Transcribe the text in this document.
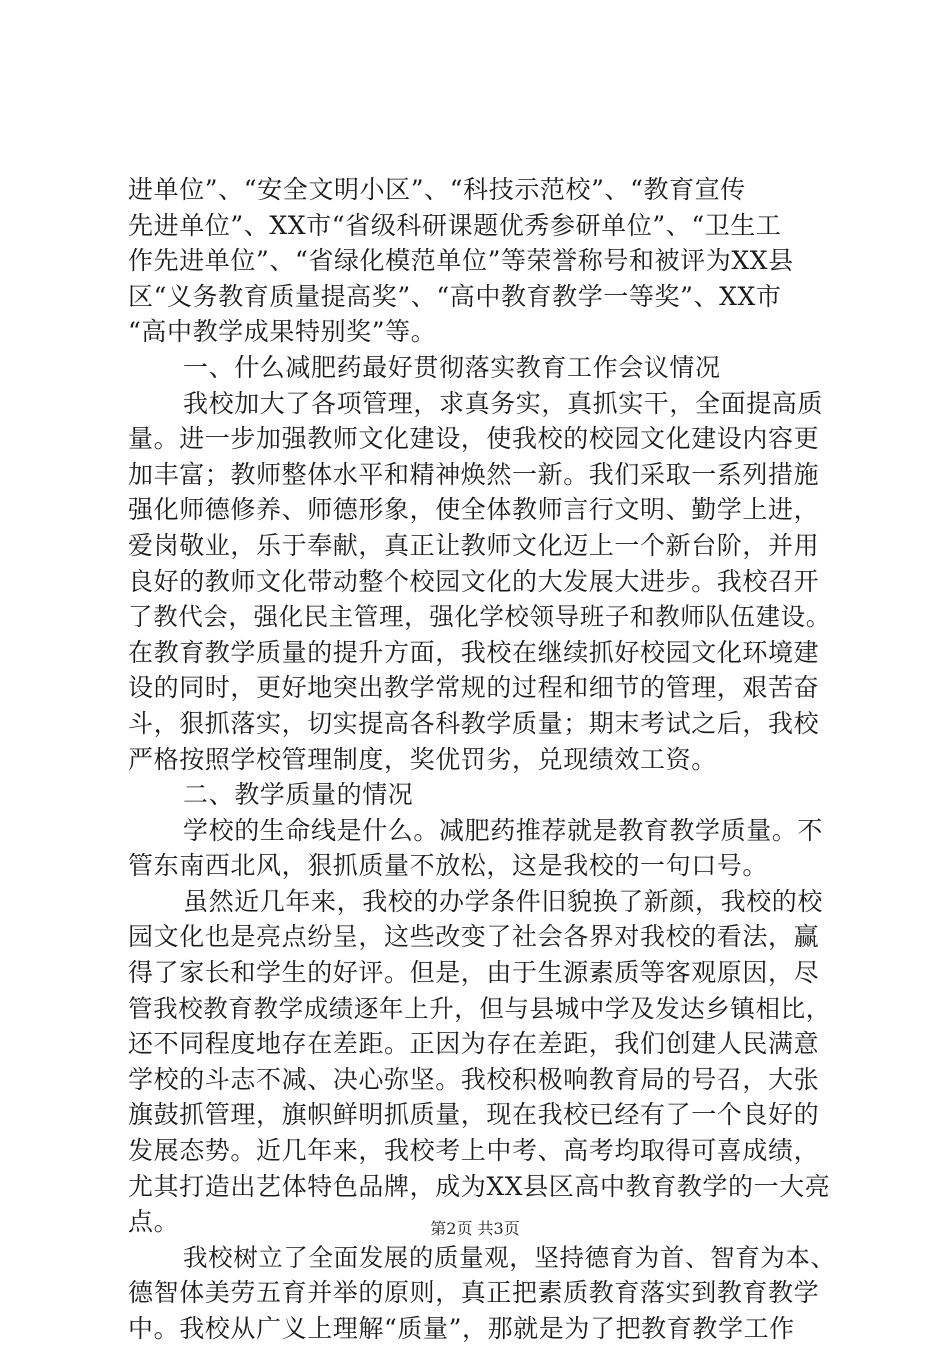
进单位”、“安全文明小区”、“科技示范校”、“教育宣传
先进单位”、XX市“省级科研课题优秀参研单位”、“卫生工
作先进单位”、“省绿化模范单位”等荣誉称号和被评为XX县
区“义务教育质量提高奖”、“高中教育教学一等奖”、XX市
“高中教学成果特别奖”等。
一、什么减肥药最好贯彻落实教育工作会议情况
我校加大了各项管理，求真务实，真抓实干，全面提高质
量。进一步加强教师文化建设，使我校的校园文化建设内容更
加丰富；教师整体水平和精神焕然一新。我们采取一系列措施
强化师德修养、师德形象，使全体教师言行文明、勤学上进，
爱岗敬业，乐于奉献，真正让教师文化迈上一个新台阶，并用
良好的教师文化带动整个校园文化的大发展大进步。我校召开
了教代会，强化民主管理，强化学校领导班子和教师队伍建设。
在教育教学质量的提升方面，我校在继续抓好校园文化环境建
设的同时，更好地突出教学常规的过程和细节的管理，艰苦奋
斗，狠抓落实，切实提高各科教学质量；期末考试之后，我校
严格按照学校管理制度，奖优罚劣，兑现绩效工资。
二、教学质量的情况
学校的生命线是什么。减肥药推荐就是教育教学质量。不
管东南西北风，狠抓质量不放松，这是我校的一句口号。
虽然近几年来，我校的办学条件旧貌换了新颜，我校的校
园文化也是亮点纷呈，这些改变了社会各界对我校的看法，赢
得了家长和学生的好评。但是，由于生源素质等客观原因，尽
管我校教育教学成绩逐年上升，但与县城中学及发达乡镇相比，
还不同程度地存在差距。正因为存在差距，我们创建人民满意
学校的斗志不减、决心弥坚。我校积极响教育局的号召，大张
旗鼓抓管理，旗帜鲜明抓质量，现在我校已经有了一个良好的
发展态势。近几年来，我校考上中考、高考均取得可喜成绩，
尤其打造出艺体特色品牌，成为XX县区高中教育教学的一大亮
点。
我校树立了全面发展的质量观，坚持德育为首、智育为本、
德智体美劳五育并举的原则，真正把素质教育落实到教育教学
中。我校从广义上理解“质量”，那就是为了把教育教学工作
第2页 共3页
